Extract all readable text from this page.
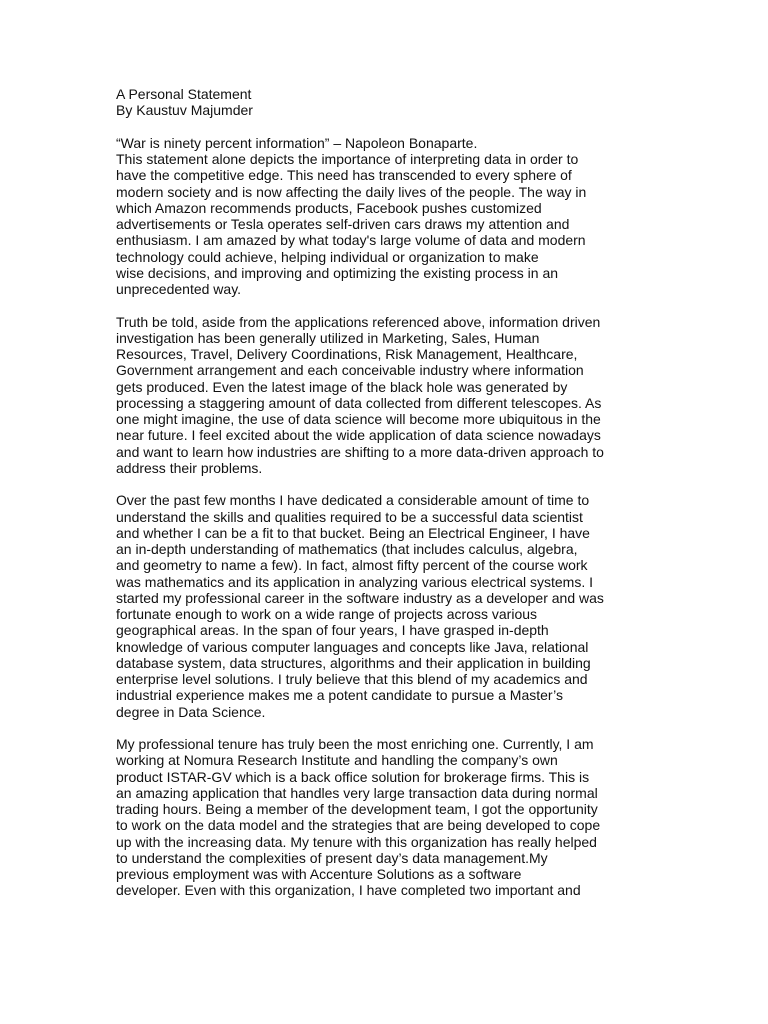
A Personal Statement
By Kaustuv Majumder
“War is ninety percent information” – Napoleon Bonaparte.
This statement alone depicts the importance of interpreting data in order to
have the competitive edge. This need has transcended to every sphere of
modern society and is now affecting the daily lives of the people. The way in
which Amazon recommends products, Facebook pushes customized
advertisements or Tesla operates self-driven cars draws my attention and
enthusiasm. I am amazed by what today's large volume of data and modern
technology could achieve, helping individual or organization to make
wise decisions, and improving and optimizing the existing process in an
unprecedented way.
Truth be told, aside from the applications referenced above, information driven
investigation has been generally utilized in Marketing, Sales, Human
Resources, Travel, Delivery Coordinations, Risk Management, Healthcare,
Government arrangement and each conceivable industry where information
gets produced. Even the latest image of the black hole was generated by
processing a staggering amount of data collected from different telescopes. As
one might imagine, the use of data science will become more ubiquitous in the
near future. I feel excited about the wide application of data science nowadays
and want to learn how industries are shifting to a more data-driven approach to
address their problems.
Over the past few months I have dedicated a considerable amount of time to
understand the skills and qualities required to be a successful data scientist
and whether I can be a fit to that bucket. Being an Electrical Engineer, I have
an in-depth understanding of mathematics (that includes calculus, algebra,
and geometry to name a few). In fact, almost fifty percent of the course work
was mathematics and its application in analyzing various electrical systems. I
started my professional career in the software industry as a developer and was
fortunate enough to work on a wide range of projects across various
geographical areas. In the span of four years, I have grasped in-depth
knowledge of various computer languages and concepts like Java, relational
database system, data structures, algorithms and their application in building
enterprise level solutions. I truly believe that this blend of my academics and
industrial experience makes me a potent candidate to pursue a Master’s
degree in Data Science.
My professional tenure has truly been the most enriching one. Currently, I am
working at Nomura Research Institute and handling the company’s own
product ISTAR-GV which is a back office solution for brokerage firms. This is
an amazing application that handles very large transaction data during normal
trading hours. Being a member of the development team, I got the opportunity
to work on the data model and the strategies that are being developed to cope
up with the increasing data. My tenure with this organization has really helped
to understand the complexities of present day’s data management.My
previous employment was with Accenture Solutions as a software
developer. Even with this organization, I have completed two important and
